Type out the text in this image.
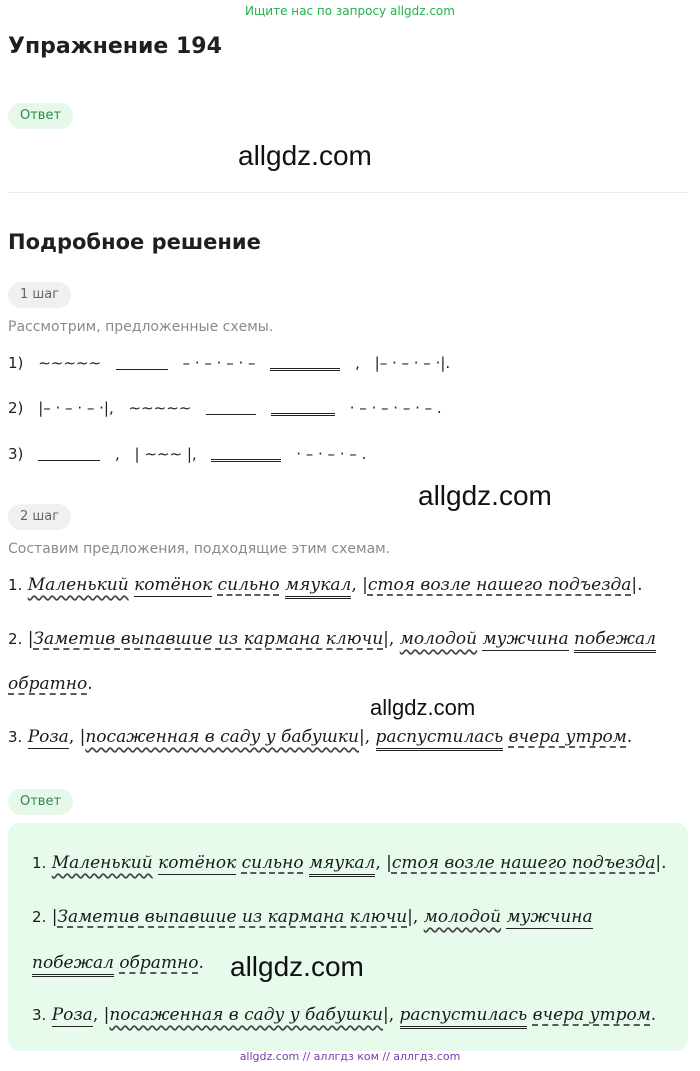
Ищите нас по запросу allgdz.com
Упражнение 194
Ответ
allgdz.com
Подробное решение
1 шаг
Рассмотрим, предложенные схемы.
1) ∼∼∼∼∼	– · – · – · –	, |– · – · – ·|.
2) |– · – · – ·|, ∼∼∼∼∼	· – · – · – · – .
3)	, | ∼∼∼ |,	· – · – · – .
allgdz.com
2 шаг
Составим предложения, подходящие этим схемам.
1. Маленький котёнок сильно мяукал, |стоя возле нашего подъезда|.
2. |Заметив выпавшие из кармана ключи|, молодой мужчина побежал
обратно.
allgdz.com
3. Роза, |посаженная в саду у бабушки|, распустилась вчера утром.
Ответ
1. Маленький котёнок сильно мяукал, |стоя возле нашего подъезда|.
2. |Заметив выпавшие из кармана ключи|, молодой мужчина
побежал обратно. allgdz.com
3. Роза, |посаженная в саду у бабушки|, распустилась вчера утром.
allgdz.com // аллгдз ком // аллгдз.com
